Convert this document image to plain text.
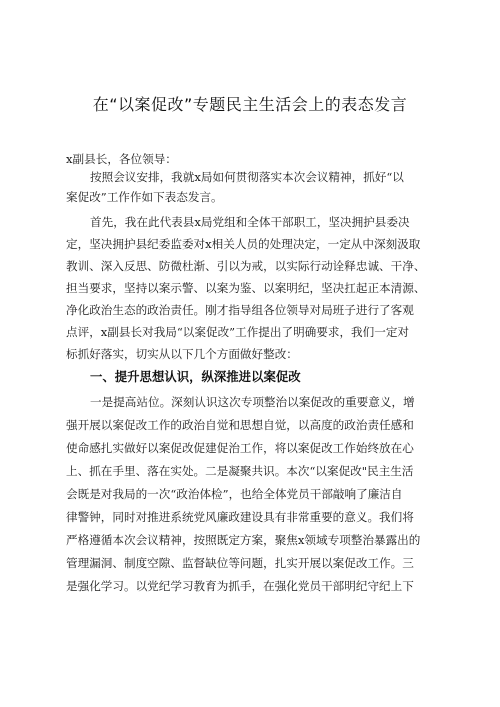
在“以案促改”专题民主生活会上的表态发言
x副县长，各位领导：
按照会议安排，我就x局如何贯彻落实本次会议精神，抓好“以
案促改”工作作如下表态发言。
首先，我在此代表县x局党组和全体干部职工，坚决拥护县委决
定，坚决拥护县纪委监委对x相关人员的处理决定，一定从中深刻汲取
教训、深入反思、防微杜渐、引以为戒，以实际行动诠释忠诚、干净、
担当要求，坚持以案示警、以案为鉴、以案明纪，坚决扛起正本清源、
净化政治生态的政治责任。刚才指导组各位领导对局班子进行了客观
点评，x副县长对我局“以案促改”工作提出了明确要求，我们一定对
标抓好落实，切实从以下几个方面做好整改：
一、提升思想认识，纵深推进以案促改
一是提高站位。深刻认识这次专项整治以案促改的重要意义，增
强开展以案促改工作的政治自觉和思想自觉，以高度的政治责任感和
使命感扎实做好以案促改促建促治工作，将以案促改工作始终放在心
上、抓在手里、落在实处。二是凝聚共识。本次“以案促改"民主生活
会既是对我局的一次“政治体检”，也给全体党员干部敲响了廉洁自
律警钟，同时对推进系统党风廉政建设具有非常重要的意义。我们将
严格遵循本次会议精神，按照既定方案，聚焦x领域专项整治暴露出的
管理漏洞、制度空隙、监督缺位等问题，扎实开展以案促改工作。三
是强化学习。以党纪学习教育为抓手，在强化党员干部明纪守纪上下
